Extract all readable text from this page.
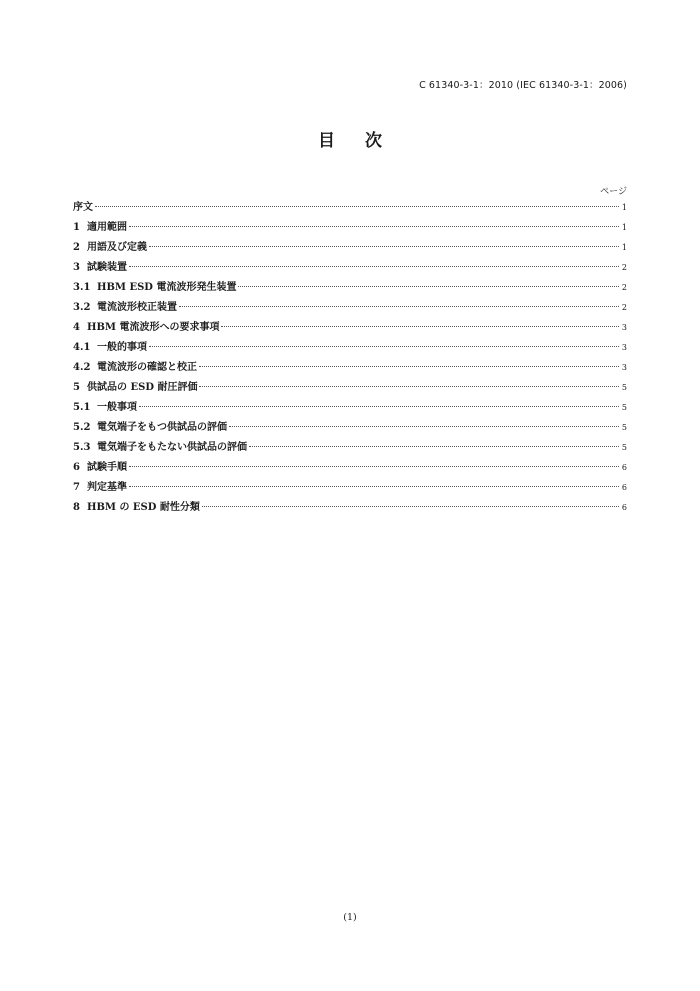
C 61340-3-1：2010 (IEC 61340-3-1：2006)
目 次
ページ
序文	1
1 適用範囲	1
2 用語及び定義	1
3 試験装置	2
3.1 HBM ESD 電流波形発生装置	2
3.2 電流波形校正装置	2
4 HBM 電流波形への要求事項	3
4.1 一般的事項	3
4.2 電流波形の確認と校正	3
5 供試品の ESD 耐圧評価	5
5.1 一般事項	5
5.2 電気端子をもつ供試品の評価	5
5.3 電気端子をもたない供試品の評価	5
6 試験手順	6
7 判定基準	6
8 HBM の ESD 耐性分類	6
(1)
